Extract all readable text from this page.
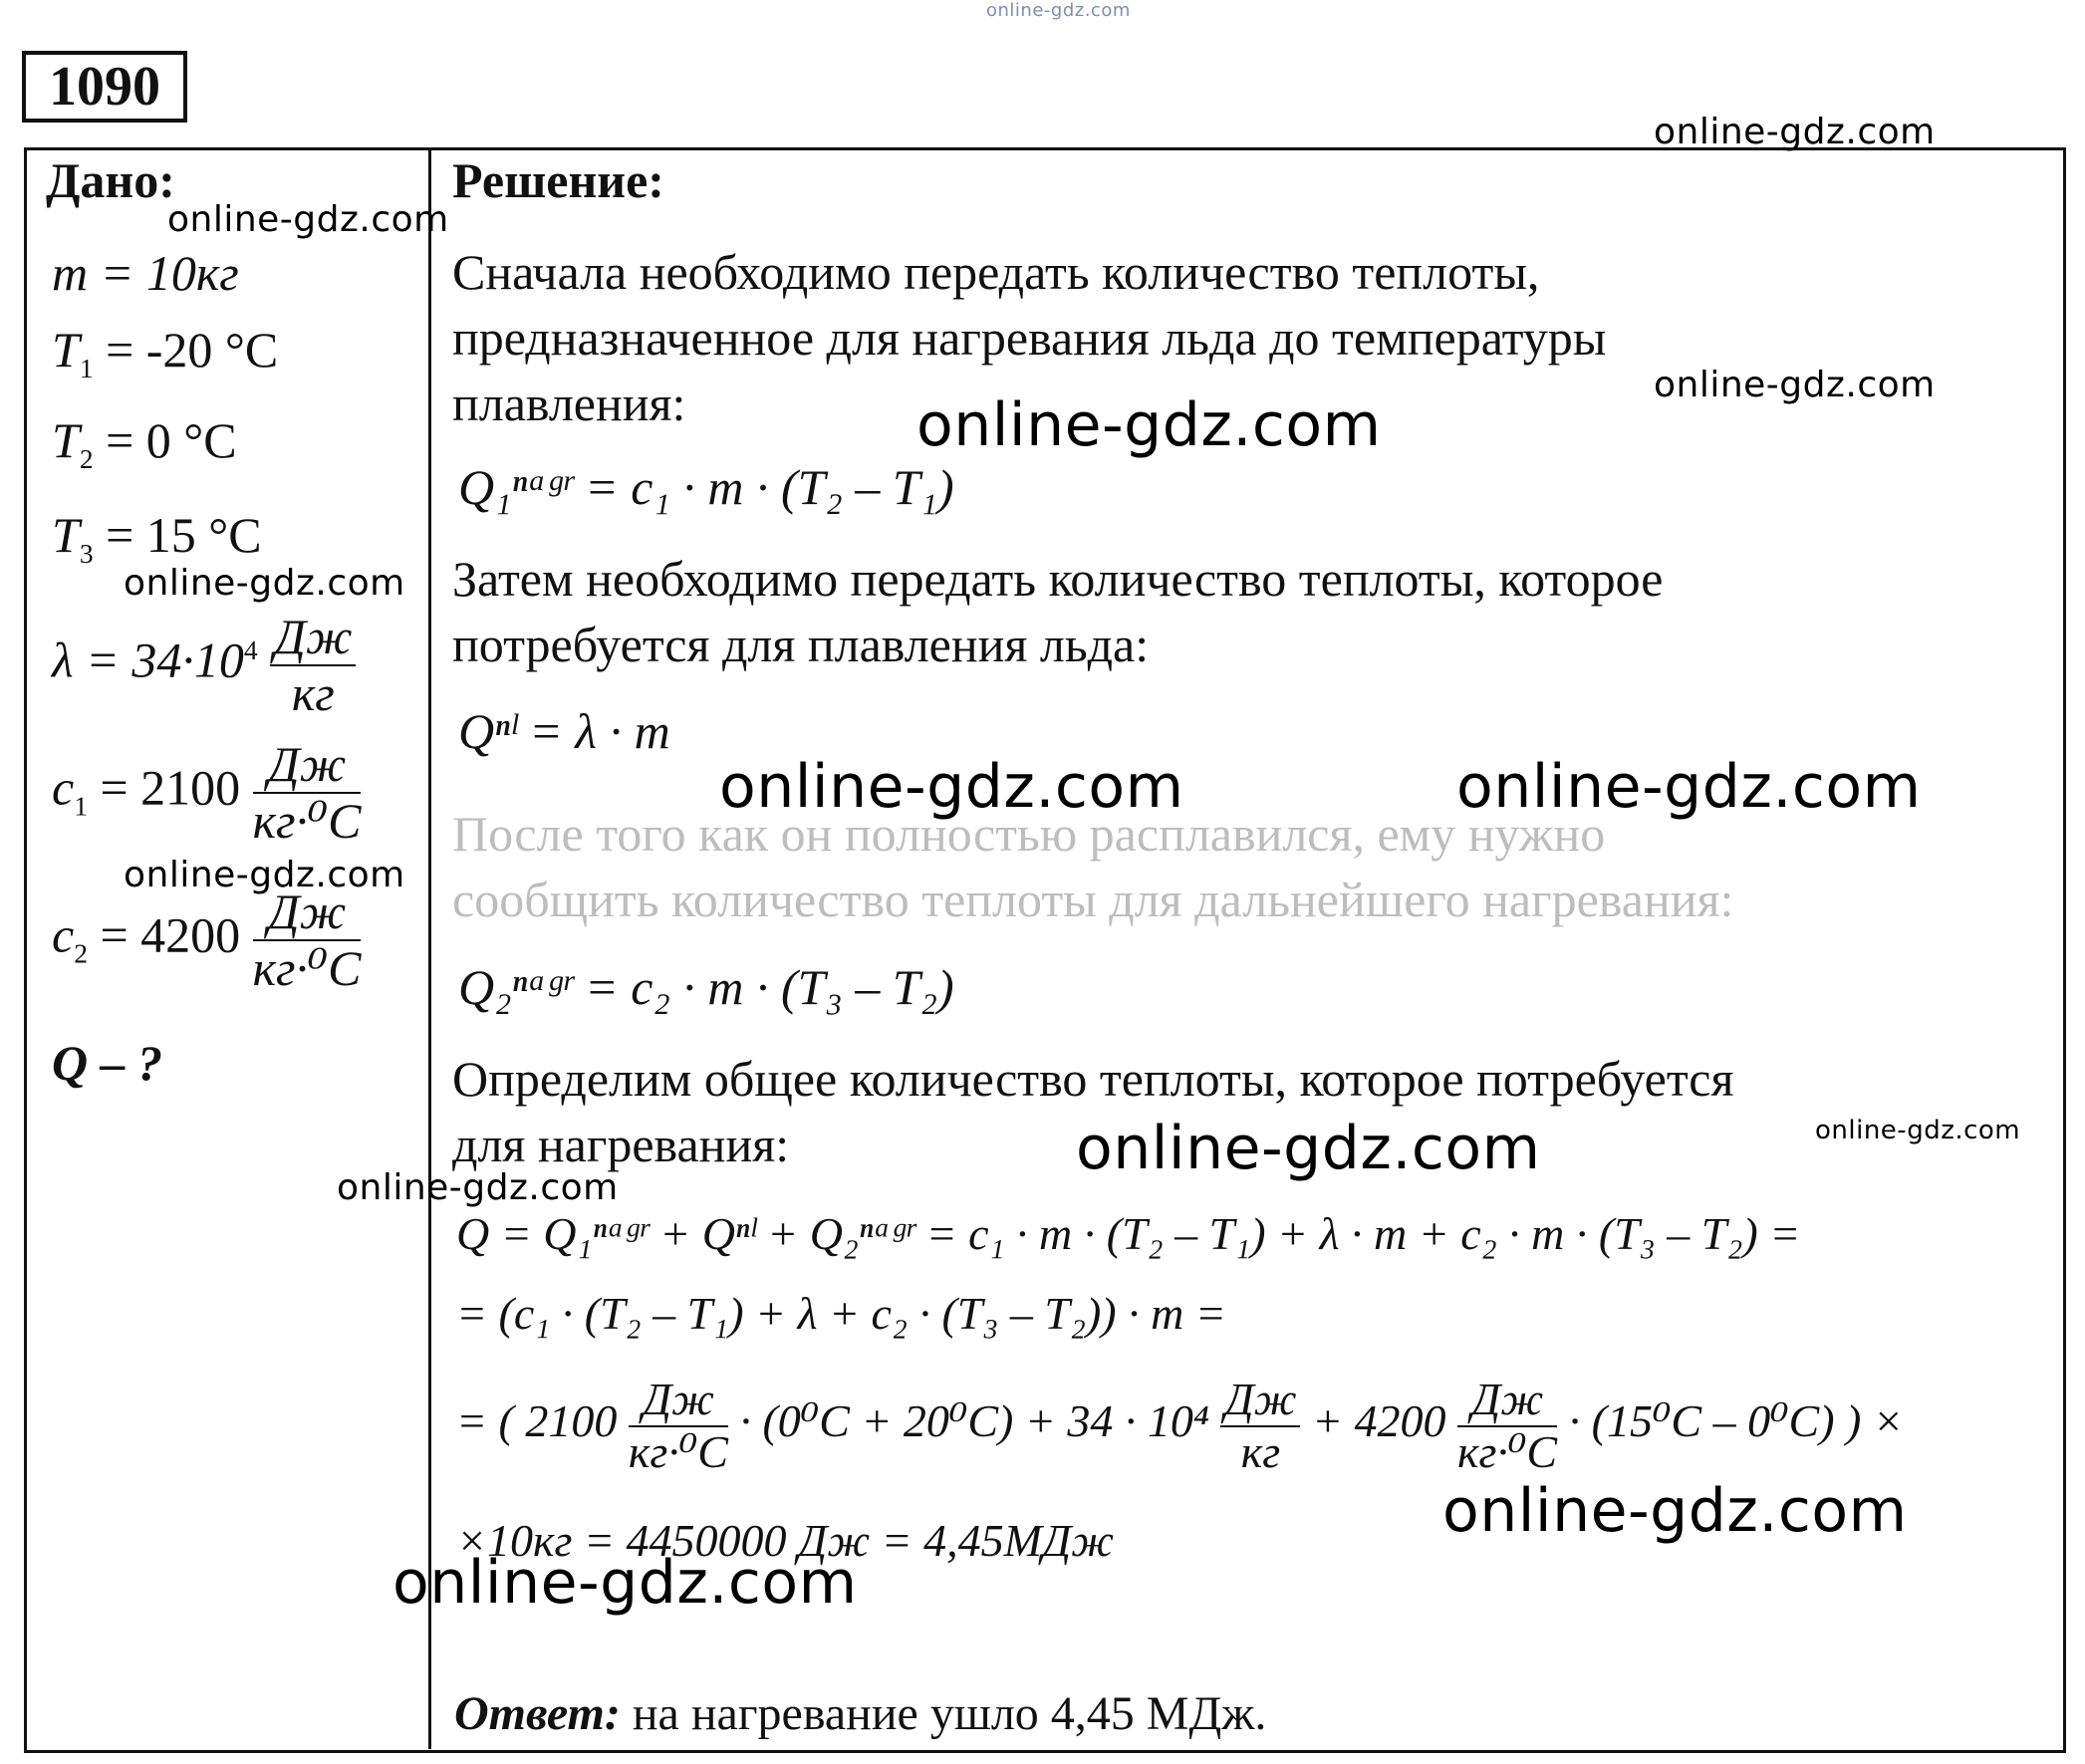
online-gdz.com
1090
Дано:	Решение:
m = 10кг
$T_1 = -20$ °C
$T_2 = 0$ °C
$T_3 = 15$ °C
$\lambda = 34\cdot 10^4 \frac{Дж}{кг}$
$c_1 = 2100 \frac{Дж}{\text{кг·⁰C}}$
$c_2 = 4200 \frac{Дж}{\text{кг·⁰C}}$
Q – ?
Сначала необходимо передать количество теплоты,
предназначенное для нагревания льда до температуры
плавления:
Q₁ⁿᵃᵍʳ = c₁ · m · (T₂ – T₁)
Затем необходимо передать количество теплоты, которое
потребуется для плавления льда:
Qⁿˡ = λ · m
После того как он полностью расплавился, ему нужно
сообщить количество теплоты для дальнейшего нагревания:
Q₂ⁿᵃᵍʳ = c₂ · m · (T₃ – T₂)
Определим общее количество теплоты, которое потребуется
для нагревания:
Q = Q₁ⁿᵃᵍʳ + Qⁿˡ + Q₂ⁿᵃᵍʳ = c₁ · m · (T₂ – T₁) + λ · m + c₂ · m · (T₃ – T₂) =
= (c₁ · (T₂ – T₁) + λ + c₂ · (T₃ – T₂)) · m =
= ( $2100 \frac{Дж}{\text{кг·⁰C}} \cdot (0^0C + 20^0C) + 34 \cdot 10^4 \frac{Дж}{кг} + 4200 \frac{Дж}{\text{кг·⁰C}} \cdot (15^0C - 0^0C)$ ) ×
×10кг = 4450000 Дж = 4,45МДж
Ответ: на нагревание ушло 4,45 МДж.
online-gdz.com
online-gdz.com
online-gdz.com
online-gdz.com
online-gdz.com
online-gdz.com	online-gdz.com
online-gdz.com
online-gdz.com
online-gdz.com
online-gdz.com
online-gdz.com
online-gdz.com
